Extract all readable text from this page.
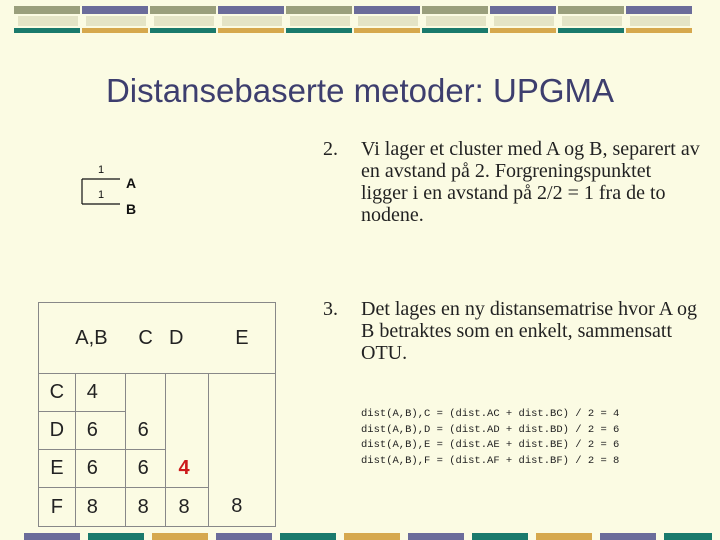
Distansebaserte metoder: UPGMA
1
1
A
B
	A,B	C	D	E
C	4			
D	6	6		
E	6	6	4	
F	8	8	8	8
2. Vi lager et cluster med A og B, separert av en avstand på 2. Forgreningspunktet ligger i en avstand på 2/2 = 1 fra de to nodene.
3. Det lages en ny distansematrise hvor A og B betraktes som en enkelt, sammensatt OTU.
dist(A,B),C = (dist.AC + dist.BC) / 2 = 4
dist(A,B),D = (dist.AD + dist.BD) / 2 = 6
dist(A,B),E = (dist.AE + dist.BE) / 2 = 6
dist(A,B),F = (dist.AF + dist.BF) / 2 = 8
